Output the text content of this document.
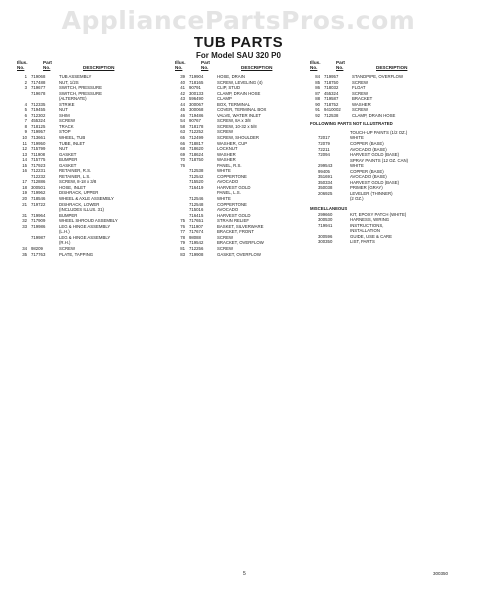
AppliancePartsPros.com
TUB PARTS
For Model SAU 320 P0
Illus.
No.
Part
No.	DESCRIPTION
1 719068	TUB ASSEMBLY
2 717488	NUT, 1/2S
3 719677	SWITCH, PRESSURE
719678	SWITCH, PRESSURE
(ALTERNATE)
4 712335	STRIKE
5 719455	NUT
6 712302	SHIM
7 455324	SCREW
8 718125	TRACK
9 719957	STOP
10 713661	WHEEL, TUB
11 719950	TUBE, INLET
12 715799	NUT
13 711908	GASKET
14 715775	BUMPER
15 717923	GASKET
16 712231	RETAINER, R.S.
712232	RETAINER, L.S.
17 712886	SCREW, 8-18 x 3/8
18 300501	HOSE, INLET
19 719962	DISHRACK, UPPER
20 718546	WHEEL & AXLE ASSEMBLY
21 719722	DISHRACK, LOWER
(INCLUDES ILLUS. 31)
31 719964	BUMPER
32 717909	WHEEL SHROUD ASSEMBLY
33 719986	LEG & HINGE ASSEMBLY
(L.H.)
719987	LEG & HINGE ASSEMBLY
(R.H.)
34 98209	SCREW
35 717763	PLATE, TAPPING
Illus.
No.
Part
No.	DESCRIPTION
39 719904	HOSE, DRAIN
40 718165	SCREW, LEVELING (4)
41 90791	CLIP, STUD
42 300133	CLAMP, DRAIN HOSE
43 596490	CLAMP
44 300067	BOX, TERMINAL
45 300068	COVER, TERMINAL BOX
46 719486	VALVE, WATER INLET
54 90767	SCREW, 8A x 3/8
58 718178	SCREW, 10-32 x 5/8
63 712252	SCREW
65 712499	SCREW, SHOULDER
66 718817	WASHER, CUP
68 718620	LOCKNUT
69 718624	WASHER
70 718750	WASHER
76	PANEL, R.S.
712538	WHITE
712542	COPPERTONE
715520	AVOCADO
716419	HARVEST GOLD
PANEL, L.S.
712546	WHITE
712548	COPPERTONE
715016	AVOCADO
716415	HARVEST GOLD
75 717651	STRAIN RELIEF
76 711907	BASKET, SILVERWARE
77 717674	BRACKET, FRONT
78 98088	SCREW
79 719542	BRACKET, OVERFLOW
81 712256	SCREW
83 719908	GASKET, OVERFLOW
Illus.
No.
Part
No.	DESCRIPTION
84 719957	STANDPIPE, OVERFLOW
85 718750	SCREW
86 718032	FLOAT
87 455324	SCREW
88 719587	BRACKET
90 718752	WASHER
91 9410002	SCREW
92 712538	CLAMP, DRAIN HOSE
FOLLOWING PARTS NOT ILLUSTRATED
TOUCH-UP PAINTS (1/2 OZ.)
72017	WHITE
72079	COPPER (BASE)
72211	AVOCADO (BASE)
72094	HARVEST GOLD (BASE)
SPRAY PAINTS (12 OZ. CAN)
299543	WHITE
99405	COPPER (BASE)
351691	AVOCADO (BASE)
350334	HARVEST GOLD (BASE)
350038	PRIMER (GRAY)
206925	LEVELER (THINNER)
(2 OZ.)
MISCELLANEOUS
299660	KIT, EPOXY PATCH (WHITE)
300530	HARNESS, WIRING
719941	INSTRUCTIONS,
INSTALLATION
300596	GUIDE, USE & CARE
300350	LIST, PARTS
5	300350
